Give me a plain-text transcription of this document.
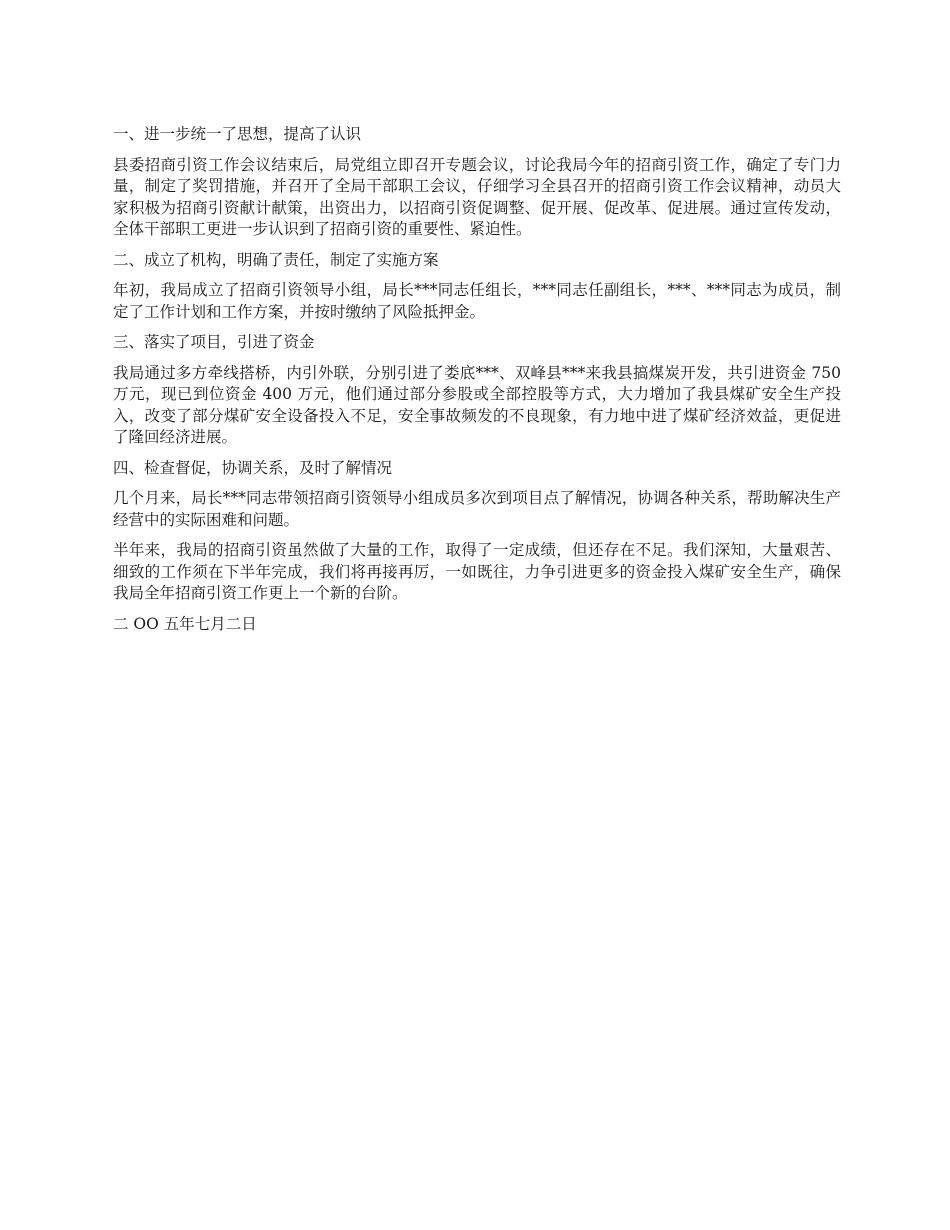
一、进一步统一了思想，提高了认识

县委招商引资工作会议结束后，局党组立即召开专题会议，讨论我局今年的招商引资工作，确定了专门力量，制定了奖罚措施，并召开了全局干部职工会议，仔细学习全县召开的招商引资工作会议精神，动员大家积极为招商引资献计献策，出资出力，以招商引资促调整、促开展、促改革、促进展。通过宣传发动，全体干部职工更进一步认识到了招商引资的重要性、紧迫性。

二、成立了机构，明确了责任，制定了实施方案

年初，我局成立了招商引资领导小组，局长***同志任组长，***同志任副组长，***、***同志为成员，制定了工作计划和工作方案，并按时缴纳了风险抵押金。

三、落实了项目，引进了资金

我局通过多方牵线搭桥，内引外联，分别引进了娄底***、双峰县***来我县搞煤炭开发，共引进资金 750 万元，现已到位资金 400 万元，他们通过部分参股或全部控股等方式，大力增加了我县煤矿安全生产投入，改变了部分煤矿安全设备投入不足，安全事故频发的不良现象，有力地中进了煤矿经济效益，更促进了隆回经济进展。

四、检查督促，协调关系，及时了解情况

几个月来，局长***同志带领招商引资领导小组成员多次到项目点了解情况，协调各种关系，帮助解决生产经营中的实际困难和问题。

半年来，我局的招商引资虽然做了大量的工作，取得了一定成绩，但还存在不足。我们深知，大量艰苦、细致的工作须在下半年完成，我们将再接再厉，一如既往，力争引进更多的资金投入煤矿安全生产，确保我局全年招商引资工作更上一个新的台阶。

二 OO 五年七月二日
